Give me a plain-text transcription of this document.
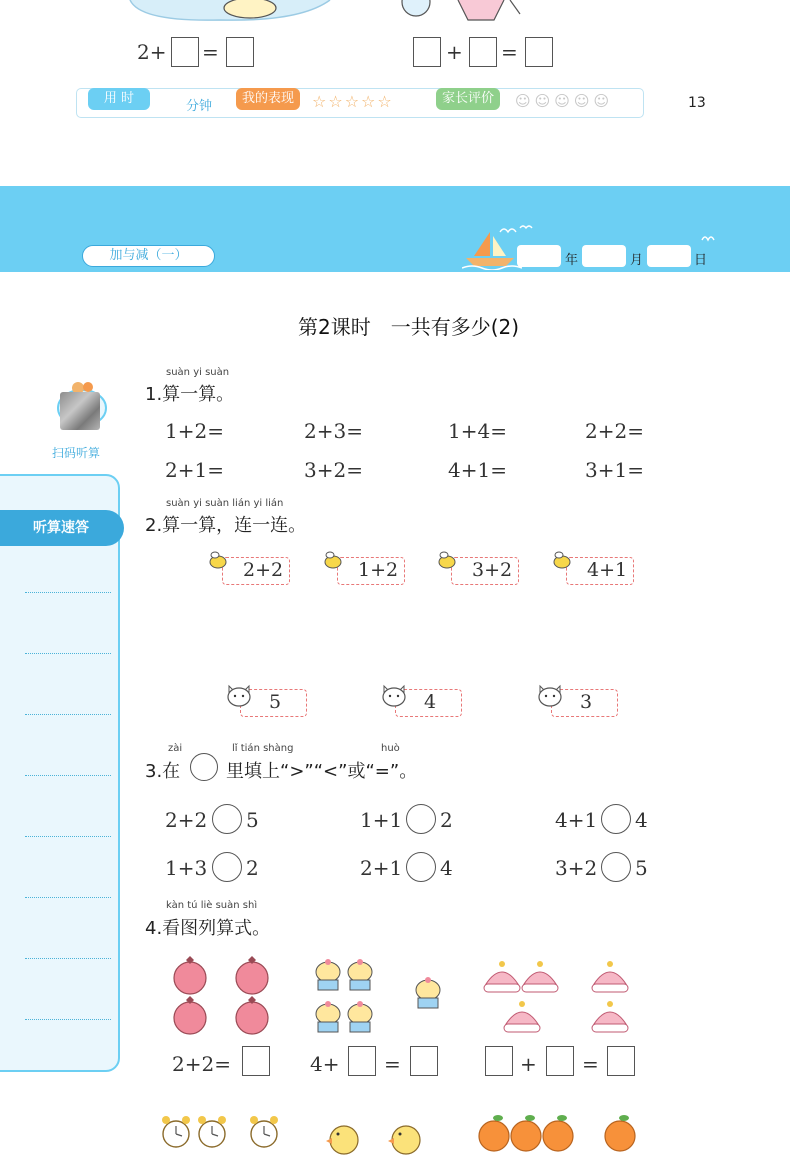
2+ =	+ =
用 时
分钟
我的表现	☆☆☆☆☆	家长评价	☺☺☺☺☺	13
加与减（一）	年	月	日
第2课时　一共有多少(2)
扫码听算
听算速答
suàn yi suàn
1.算一算。
1+2=	2+3=	1+4=	2+2=
2+1=	3+2=	4+1=	3+1=
suàn yi suàn lián yi lián
2.算一算，连一连。
2+2	1+2	3+2	4+1
5	4	3
zài	lǐ tián shàng	huò
3.在	里填上“>”“<”或“=”。
2+2 5	1+1 2	4+1 4
1+3 2	2+1 4	3+2 5
kàn tú liè suàn shì
4.看图列算式。
2+2=	4+ =	+ =
